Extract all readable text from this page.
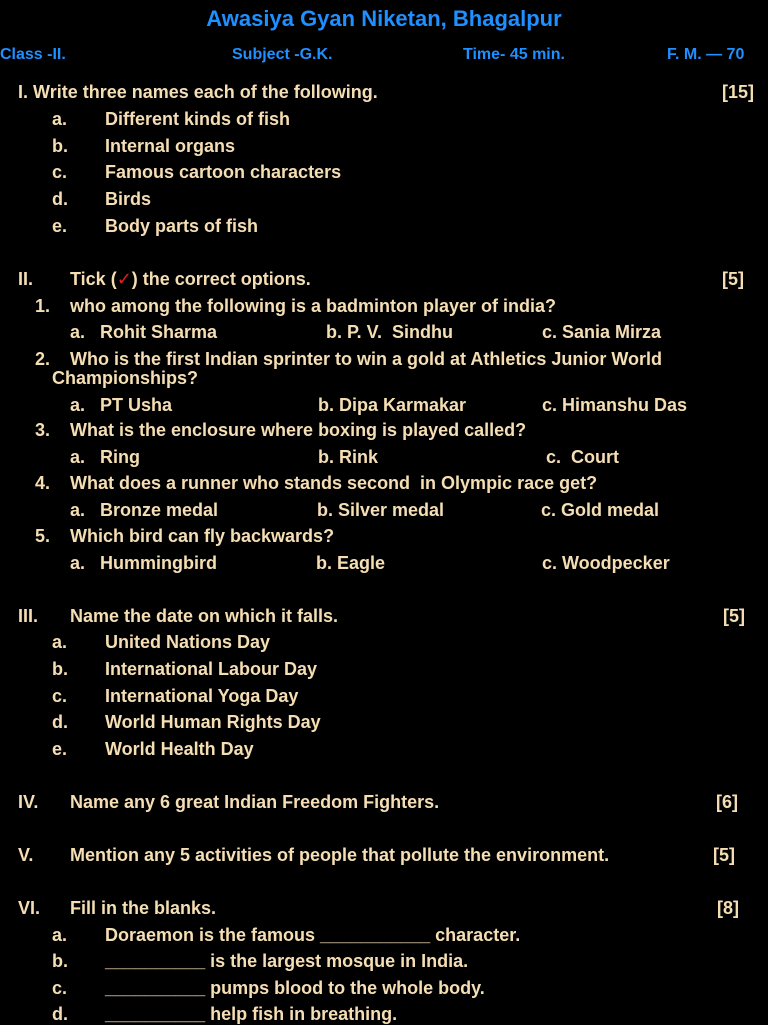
Awasiya Gyan Niketan, Bhagalpur
Class -II.	Subject -G.K.	Time- 45 min.	F. M. — 70
I. Write three names each of the following.	[15]
a. Different kinds of fish
b. Internal organs
c. Famous cartoon characters
d. Birds
e. Body parts of fish
II. Tick (✓) the correct options.	[5]
1. who among the following is a badminton player of india?
a.   Rohit Sharma	b. P. V.  Sindhu	c. Sania Mirza
2. Who is the first Indian sprinter to win a gold at Athletics Junior World
Championships?
a.   PT Usha	b. Dipa Karmakar	c. Himanshu Das
3. What is the enclosure where boxing is played called?
a.   Ring	b. Rink	c.  Court
4. What does a runner who stands second  in Olympic race get?
a.   Bronze medal	b. Silver medal	c. Gold medal
5. Which bird can fly backwards?
a.   Hummingbird	b. Eagle	c. Woodpecker
III. Name the date on which it falls.	[5]
a. United Nations Day
b. International Labour Day
c. International Yoga Day
d. World Human Rights Day
e. World Health Day
IV. Name any 6 great Indian Freedom Fighters.	[6]
V. Mention any 5 activities of people that pollute the environment.	[5]
VI. Fill in the blanks.	[8]
a. Doraemon is the famous ___________ character.
b. __________ is the largest mosque in India.
c. __________ pumps blood to the whole body.
d. __________ help fish in breathing.
